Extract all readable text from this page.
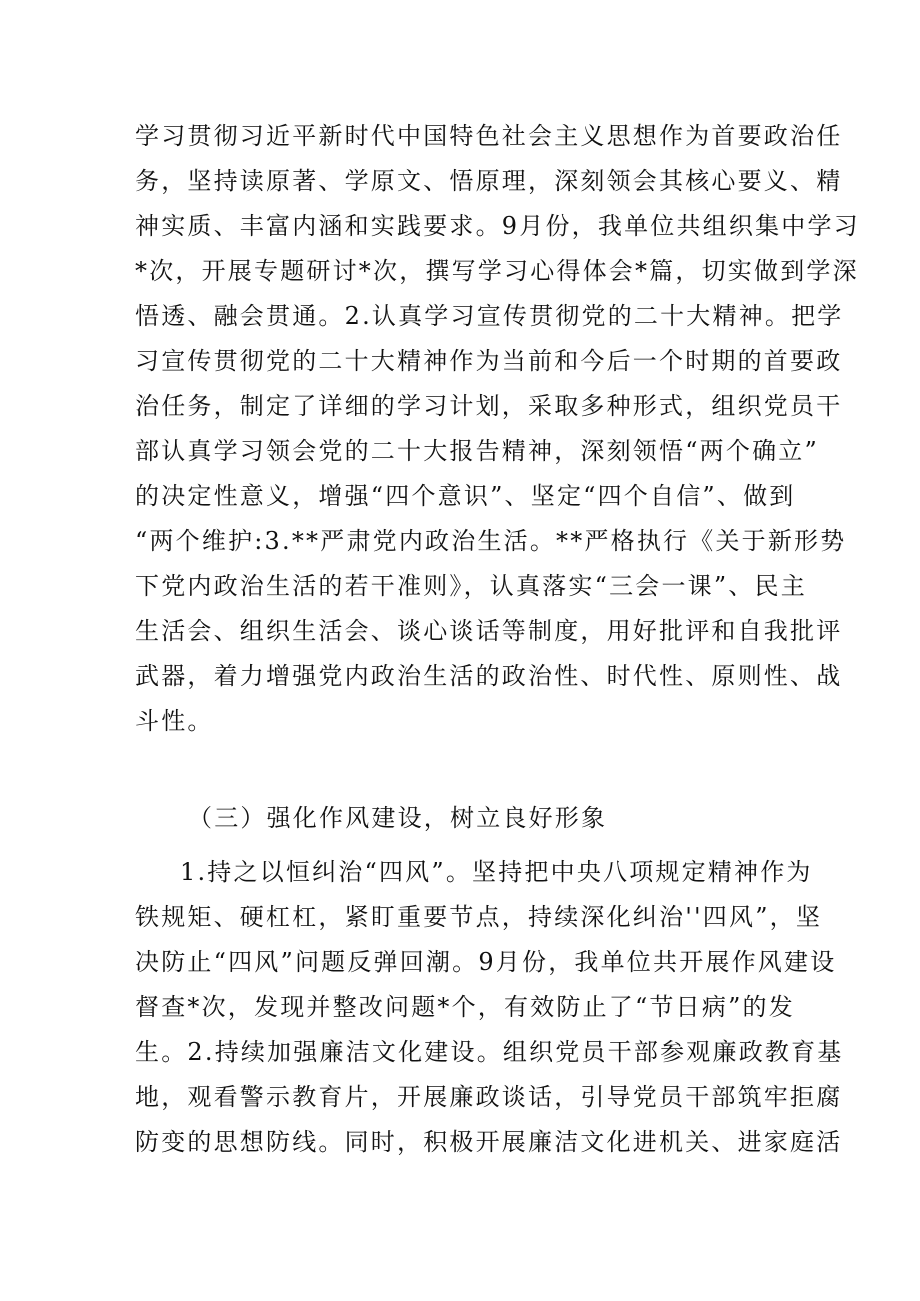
学习贯彻习近平新时代中国特色社会主义思想作为首要政治任
务，坚持读原著、学原文、悟原理，深刻领会其核心要义、精
神实质、丰富内涵和实践要求。9月份，我单位共组织集中学习
*次，开展专题研讨*次，撰写学习心得体会*篇，切实做到学深
悟透、融会贯通。2.认真学习宣传贯彻党的二十大精神。把学
习宣传贯彻党的二十大精神作为当前和今后一个时期的首要政
治任务，制定了详细的学习计划，采取多种形式，组织党员干
部认真学习领会党的二十大报告精神，深刻领悟“两个确立”
的决定性意义，增强“四个意识”、坚定“四个自信”、做到
“两个维护:3.**严肃党内政治生活。**严格执行《关于新形势
下党内政治生活的若干准则》，认真落实“三会一课”、民主
生活会、组织生活会、谈心谈话等制度，用好批评和自我批评
武器，着力增强党内政治生活的政治性、时代性、原则性、战
斗性。
（三）强化作风建设，树立良好形象
1.持之以恒纠治“四风”。坚持把中央八项规定精神作为
铁规矩、硬杠杠，紧盯重要节点，持续深化纠治''四风”，坚
决防止“四风”问题反弹回潮。9月份，我单位共开展作风建设
督查*次，发现并整改问题*个，有效防止了“节日病”的发
生。2.持续加强廉洁文化建设。组织党员干部参观廉政教育基
地，观看警示教育片，开展廉政谈话，引导党员干部筑牢拒腐
防变的思想防线。同时，积极开展廉洁文化进机关、进家庭活
